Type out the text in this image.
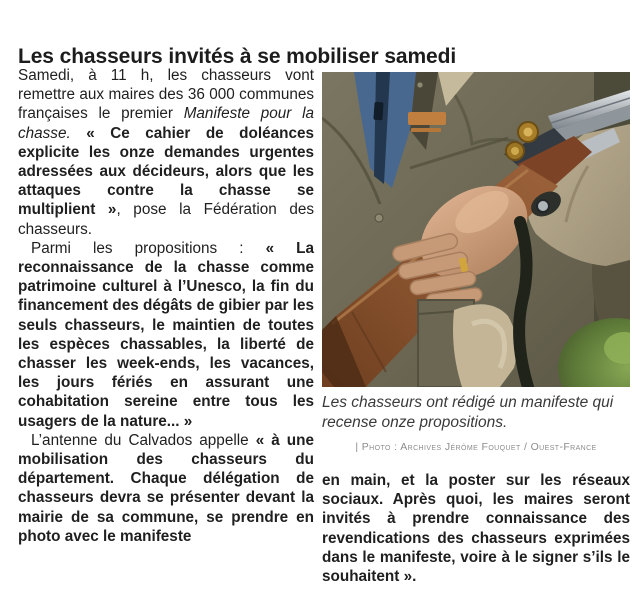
Les chasseurs invités à se mobiliser samedi

Samedi, à 11 h, les chasseurs vont remettre aux maires des 36 000 communes françaises le premier Manifeste pour la chasse. « Ce cahier de doléances explicite les onze demandes urgentes adressées aux décideurs, alors que les attaques contre la chasse se multiplient », pose la Fédération des chasseurs.

Parmi les propositions : « La reconnaissance de la chasse comme patrimoine culturel à l’Unesco, la fin du financement des dégâts de gibier par les seuls chasseurs, le maintien de toutes les espèces chassables, la liberté de chasser les week-ends, les vacances, les jours fériés en assurant une cohabitation sereine entre tous les usagers de la nature... »

L’antenne du Calvados appelle « à une mobilisation des chasseurs du département. Chaque délégation de chasseurs devra se présenter devant la mairie de sa commune, se prendre en photo avec le manifeste

Les chasseurs ont rédigé un manifeste qui recense onze propositions.
| Photo : Archives Jérôme Fouquet / Ouest-France

en main, et la poster sur les réseaux sociaux. Après quoi, les maires seront invités à prendre connaissance des revendications des chasseurs exprimées dans le manifeste, voire à le signer s’ils le souhaitent ».
